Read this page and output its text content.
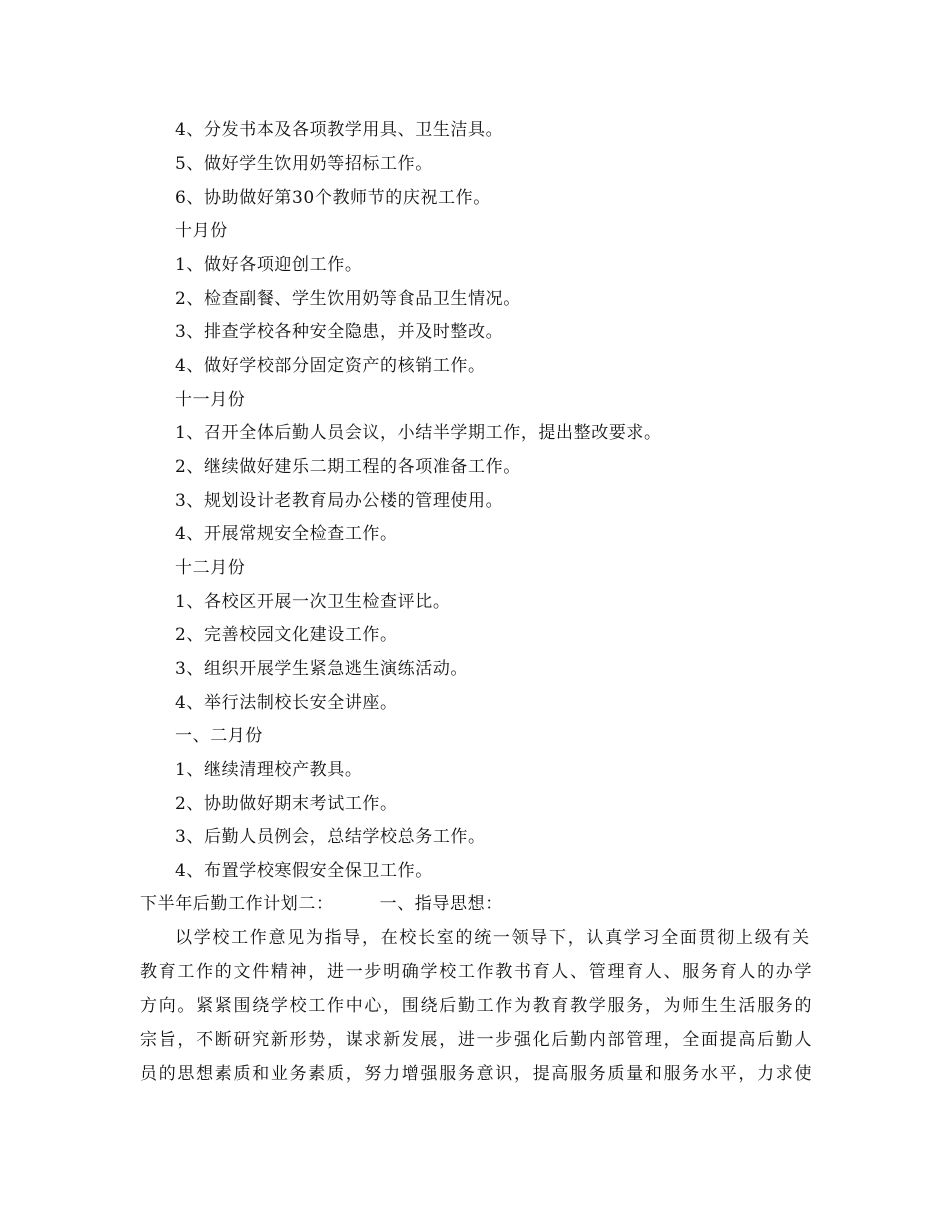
4、分发书本及各项教学用具、卫生洁具。
5、做好学生饮用奶等招标工作。
6、协助做好第30个教师节的庆祝工作。
十月份
1、做好各项迎创工作。
2、检查副餐、学生饮用奶等食品卫生情况。
3、排查学校各种安全隐患，并及时整改。
4、做好学校部分固定资产的核销工作。
十一月份
1、召开全体后勤人员会议，小结半学期工作，提出整改要求。
2、继续做好建乐二期工程的各项准备工作。
3、规划设计老教育局办公楼的管理使用。
4、开展常规安全检查工作。
十二月份
1、各校区开展一次卫生检查评比。
2、完善校园文化建设工作。
3、组织开展学生紧急逃生演练活动。
4、举行法制校长安全讲座。
一、二月份
1、继续清理校产教具。
2、协助做好期末考试工作。
3、后勤人员例会，总结学校总务工作。
4、布置学校寒假安全保卫工作。
下半年后勤工作计划二：	一、指导思想：
以学校工作意见为指导，在校长室的统一领导下，认真学习全面贯彻上级有关
教育工作的文件精神，进一步明确学校工作教书育人、管理育人、服务育人的办学
方向。紧紧围绕学校工作中心，围绕后勤工作为教育教学服务，为师生生活服务的
宗旨，不断研究新形势，谋求新发展，进一步强化后勤内部管理，全面提高后勤人
员的思想素质和业务素质，努力增强服务意识，提高服务质量和服务水平，力求使
